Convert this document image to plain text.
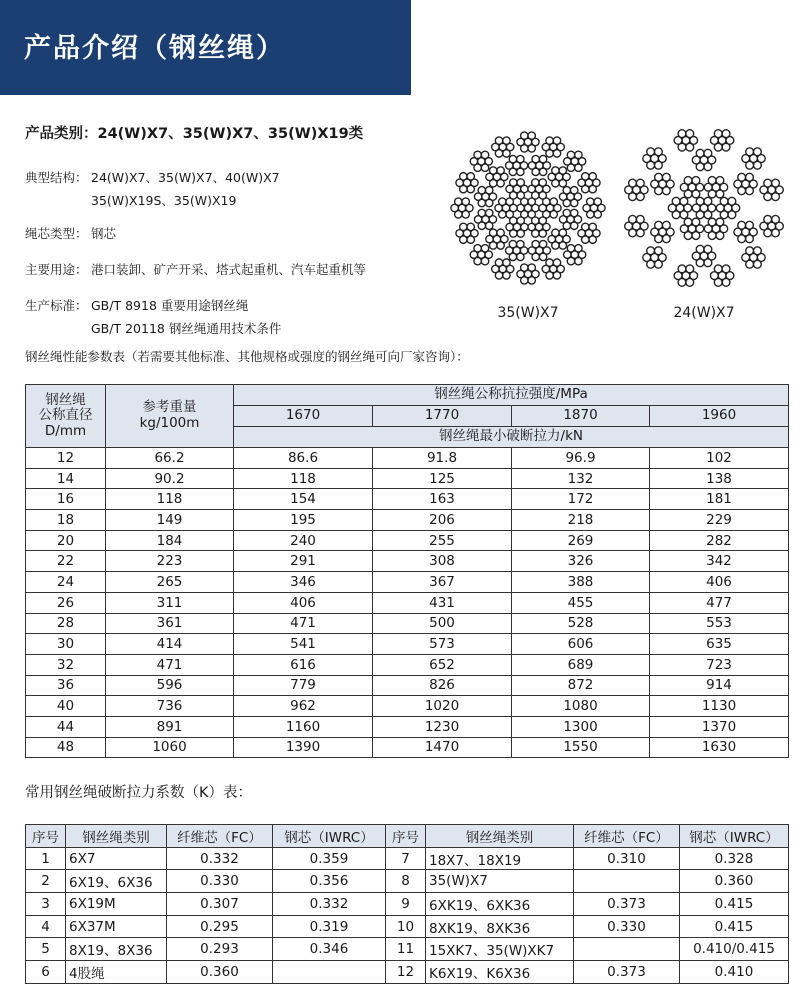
产品介绍（钢丝绳）
产品类别：24(W)X7、35(W)X7、35(W)X19类
典型结构： 24(W)X7、35(W)X7、40(W)X7
35(W)X19S、35(W)X19
绳芯类型： 钢芯
主要用途： 港口装卸、矿产开采、塔式起重机、汽车起重机等
生产标准： GB/T 8918 重要用途钢丝绳
GB/T 20118 钢丝绳通用技术条件
35(W)X7	24(W)X7
钢丝绳性能参数表（若需要其他标准、其他规格或强度的钢丝绳可向厂家咨询）：
钢丝绳
公称直径
D/mm	参考重量
kg/100m	钢丝绳公称抗拉强度/MPa			
		1670	1770	1870	1960
		钢丝绳最小破断拉力/kN			
12	66.2	86.6	91.8	96.9	102
14	90.2	118	125	132	138
16	118	154	163	172	181
18	149	195	206	218	229
20	184	240	255	269	282
22	223	291	308	326	342
24	265	346	367	388	406
26	311	406	431	455	477
28	361	471	500	528	553
30	414	541	573	606	635
32	471	616	652	689	723
36	596	779	826	872	914
40	736	962	1020	1080	1130
44	891	1160	1230	1300	1370
48	1060	1390	1470	1550	1630
常用钢丝绳破断拉力系数（K）表：
序号	钢丝绳类别	纤维芯（FC）	钢芯（IWRC）	序号	钢丝绳类别	纤维芯（FC）	钢芯（IWRC）
1	6X7	0.332	0.359	7	18X7、18X19	0.310	0.328
2	6X19、6X36	0.330	0.356	8	35(W)X7		0.360
3	6X19M	0.307	0.332	9	6XK19、6XK36	0.373	0.415
4	6X37M	0.295	0.319	10	8XK19、8XK36	0.330	0.415
5	8X19、8X36	0.293	0.346	11	15XK7、35(W)XK7		0.410/0.415
6	4股绳	0.360		12	K6X19、K6X36	0.373	0.410
